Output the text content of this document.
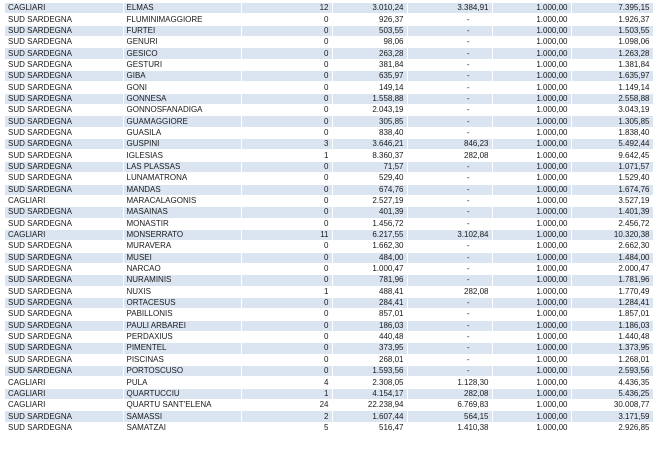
CAGLIARI	ELMAS	12	3.010,24	3.384,91	1.000,00	7.395,15
SUD SARDEGNA	FLUMINIMAGGIORE	0	926,37	-	1.000,00	1.926,37
SUD SARDEGNA	FURTEI	0	503,55	-	1.000,00	1.503,55
SUD SARDEGNA	GENURI	0	98,06	-	1.000,00	1.098,06
SUD SARDEGNA	GESICO	0	263,28	-	1.000,00	1.263,28
SUD SARDEGNA	GESTURI	0	381,84	-	1.000,00	1.381,84
SUD SARDEGNA	GIBA	0	635,97	-	1.000,00	1.635,97
SUD SARDEGNA	GONI	0	149,14	-	1.000,00	1.149,14
SUD SARDEGNA	GONNESA	0	1.558,88	-	1.000,00	2.558,88
SUD SARDEGNA	GONNOSFANADIGA	0	2.043,19	-	1.000,00	3.043,19
SUD SARDEGNA	GUAMAGGIORE	0	305,85	-	1.000,00	1.305,85
SUD SARDEGNA	GUASILA	0	838,40	-	1.000,00	1.838,40
SUD SARDEGNA	GUSPINI	3	3.646,21	846,23	1.000,00	5.492,44
SUD SARDEGNA	IGLESIAS	1	8.360,37	282,08	1.000,00	9.642,45
SUD SARDEGNA	LAS PLASSAS	0	71,57	-	1.000,00	1.071,57
SUD SARDEGNA	LUNAMATRONA	0	529,40	-	1.000,00	1.529,40
SUD SARDEGNA	MANDAS	0	674,76	-	1.000,00	1.674,76
CAGLIARI	MARACALAGONIS	0	2.527,19	-	1.000,00	3.527,19
SUD SARDEGNA	MASAINAS	0	401,39	-	1.000,00	1.401,39
SUD SARDEGNA	MONASTIR	0	1.456,72	-	1.000,00	2.456,72
CAGLIARI	MONSERRATO	11	6.217,55	3.102,84	1.000,00	10.320,38
SUD SARDEGNA	MURAVERA	0	1.662,30	-	1.000,00	2.662,30
SUD SARDEGNA	MUSEI	0	484,00	-	1.000,00	1.484,00
SUD SARDEGNA	NARCAO	0	1.000,47	-	1.000,00	2.000,47
SUD SARDEGNA	NURAMINIS	0	781,96	-	1.000,00	1.781,96
SUD SARDEGNA	NUXIS	1	488,41	282,08	1.000,00	1.770,49
SUD SARDEGNA	ORTACESUS	0	284,41	-	1.000,00	1.284,41
SUD SARDEGNA	PABILLONIS	0	857,01	-	1.000,00	1.857,01
SUD SARDEGNA	PAULI ARBAREI	0	186,03	-	1.000,00	1.186,03
SUD SARDEGNA	PERDAXIUS	0	440,48	-	1.000,00	1.440,48
SUD SARDEGNA	PIMENTEL	0	373,95	-	1.000,00	1.373,95
SUD SARDEGNA	PISCINAS	0	268,01	-	1.000,00	1.268,01
SUD SARDEGNA	PORTOSCUSO	0	1.593,56	-	1.000,00	2.593,56
CAGLIARI	PULA	4	2.308,05	1.128,30	1.000,00	4.436,35
CAGLIARI	QUARTUCCIU	1	4.154,17	282,08	1.000,00	5.436,25
CAGLIARI	QUARTU SANT'ELENA	24	22.238,94	6.769,83	1.000,00	30.008,77
SUD SARDEGNA	SAMASSI	2	1.607,44	564,15	1.000,00	3.171,59
SUD SARDEGNA	SAMATZAI	5	516,47	1.410,38	1.000,00	2.926,85
